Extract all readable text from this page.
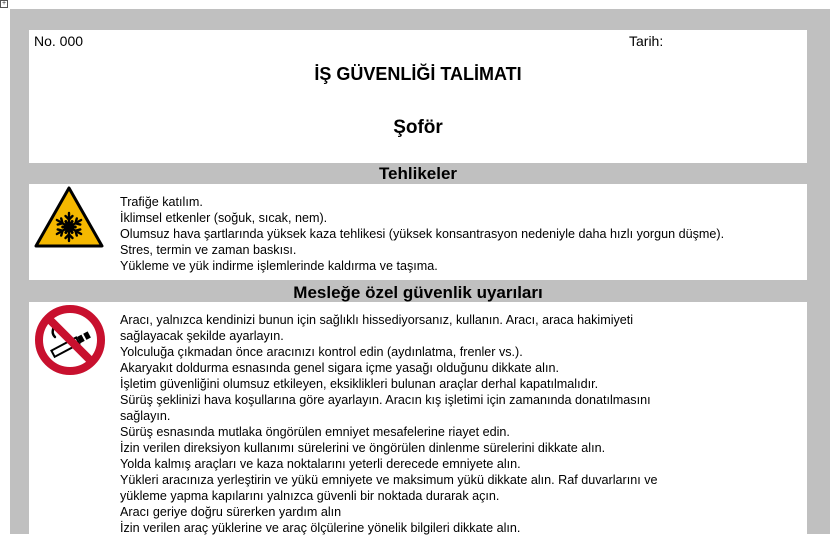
+
No. 000	Tarih:
İŞ GÜVENLİĞİ TALİMATI
Şoför
Tehlikeler
Trafiğe katılım.
İklimsel etkenler (soğuk, sıcak, nem).
Olumsuz hava şartlarında yüksek kaza tehlikesi (yüksek konsantrasyon nedeniyle daha hızlı yorgun düşme).
Stres, termin ve zaman baskısı.
Yükleme ve yük indirme işlemlerinde kaldırma ve taşıma.
Mesleğe özel güvenlik uyarıları
Aracı, yalnızca kendinizi bunun için sağlıklı hissediyorsanız, kullanın. Aracı, araca hakimiyeti
sağlayacak şekilde ayarlayın.
Yolculuğa çıkmadan önce aracınızı kontrol edin (aydınlatma, frenler vs.).
Akaryakıt doldurma esnasında genel sigara içme yasağı olduğunu dikkate alın.
İşletim güvenliğini olumsuz etkileyen, eksiklikleri bulunan araçlar derhal kapatılmalıdır.
Sürüş şeklinizi hava koşullarına göre ayarlayın. Aracın kış işletimi için zamanında donatılmasını
sağlayın.
Sürüş esnasında mutlaka öngörülen emniyet mesafelerine riayet edin.
İzin verilen direksiyon kullanımı sürelerini ve öngörülen dinlenme sürelerini dikkate alın.
Yolda kalmış araçları ve kaza noktalarını yeterli derecede emniyete alın.
Yükleri aracınıza yerleştirin ve yükü emniyete ve maksimum yükü dikkate alın. Raf duvarlarını ve
yükleme yapma kapılarını yalnızca güvenli bir noktada durarak açın.
Aracı geriye doğru sürerken yardım alın
İzin verilen araç yüklerine ve araç ölçülerine yönelik bilgileri dikkate alın.
